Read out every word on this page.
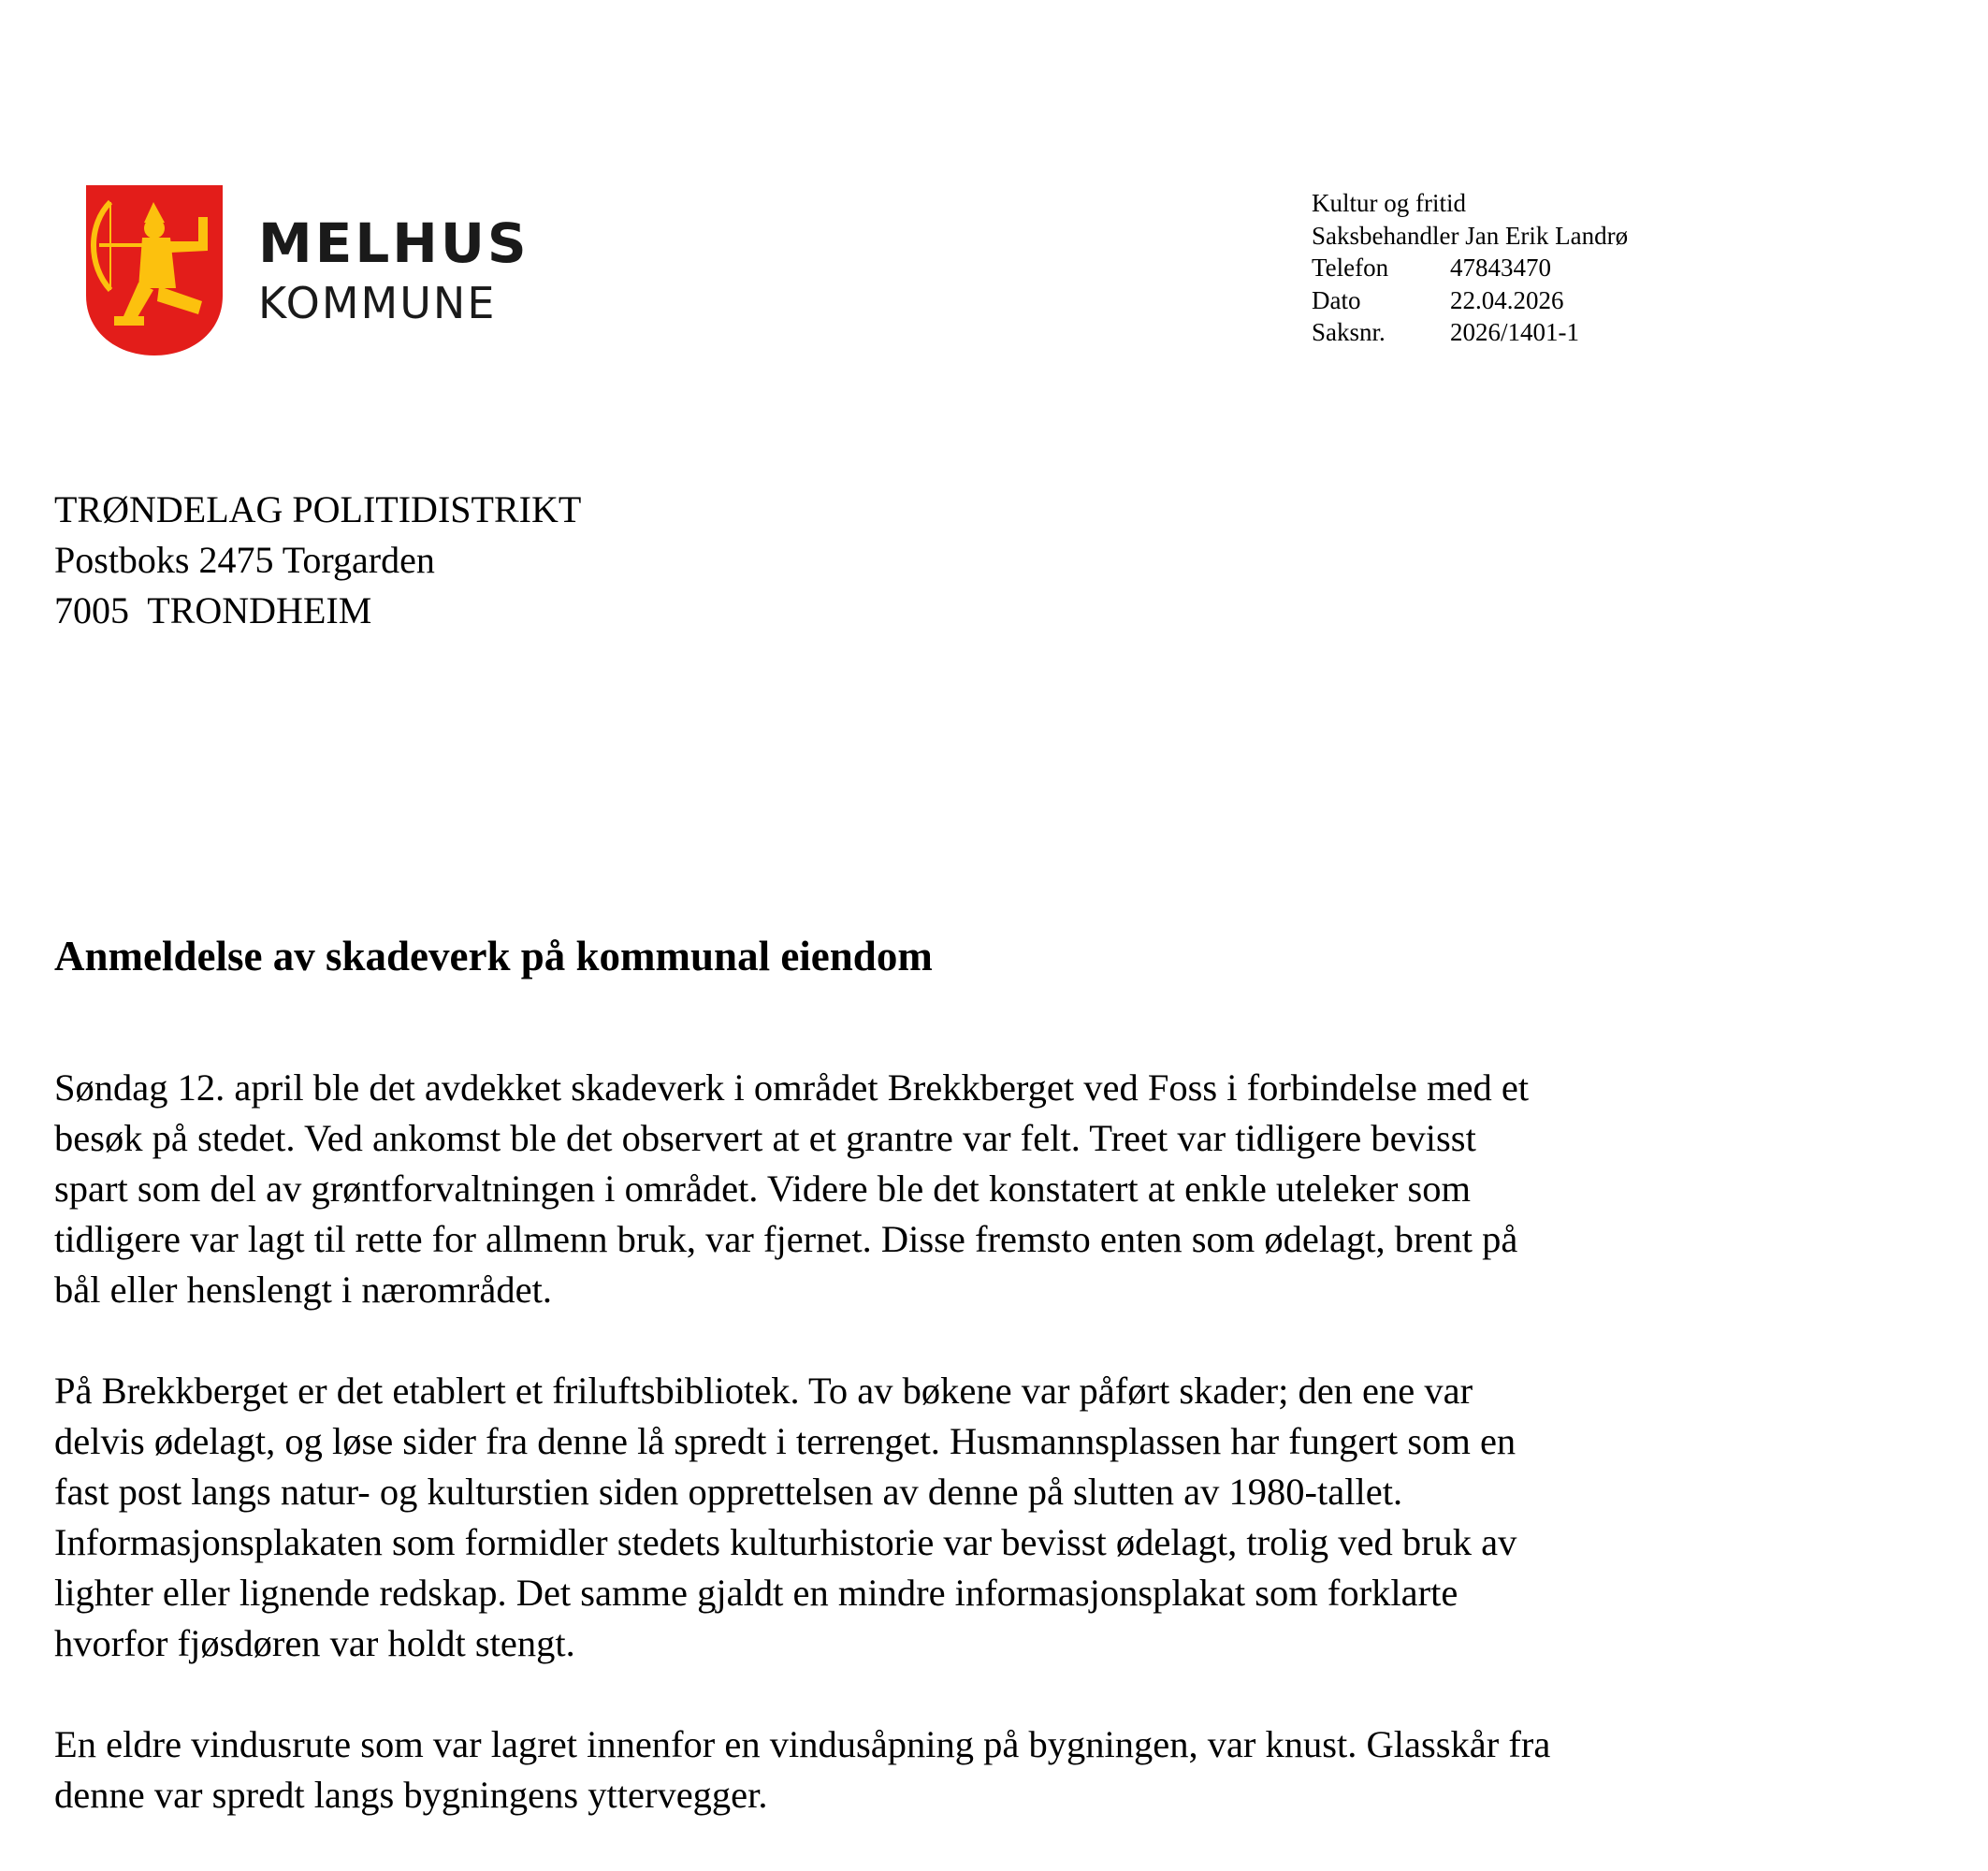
MELHUS
KOMMUNE
Kultur og fritid
Saksbehandler Jan Erik Landrø
Telefon	47843470
Dato	22.04.2026
Saksnr.	2026/1401-1
TRØNDELAG POLITIDISTRIKT
Postboks 2475 Torgarden
7005  TRONDHEIM
Anmeldelse av skadeverk på kommunal eiendom

Søndag 12. april ble det avdekket skadeverk i området Brekkberget ved Foss i forbindelse med et
besøk på stedet. Ved ankomst ble det observert at et grantre var felt. Treet var tidligere bevisst
spart som del av grøntforvaltningen i området. Videre ble det konstatert at enkle uteleker som
tidligere var lagt til rette for allmenn bruk, var fjernet. Disse fremsto enten som ødelagt, brent på
bål eller henslengt i nærområdet.

På Brekkberget er det etablert et friluftsbibliotek. To av bøkene var påført skader; den ene var
delvis ødelagt, og løse sider fra denne lå spredt i terrenget. Husmannsplassen har fungert som en
fast post langs natur- og kulturstien siden opprettelsen av denne på slutten av 1980-tallet.
Informasjonsplakaten som formidler stedets kulturhistorie var bevisst ødelagt, trolig ved bruk av
lighter eller lignende redskap. Det samme gjaldt en mindre informasjonsplakat som forklarte
hvorfor fjøsdøren var holdt stengt.

En eldre vindusrute som var lagret innenfor en vindusåpning på bygningen, var knust. Glasskår fra
denne var spredt langs bygningens yttervegger.
